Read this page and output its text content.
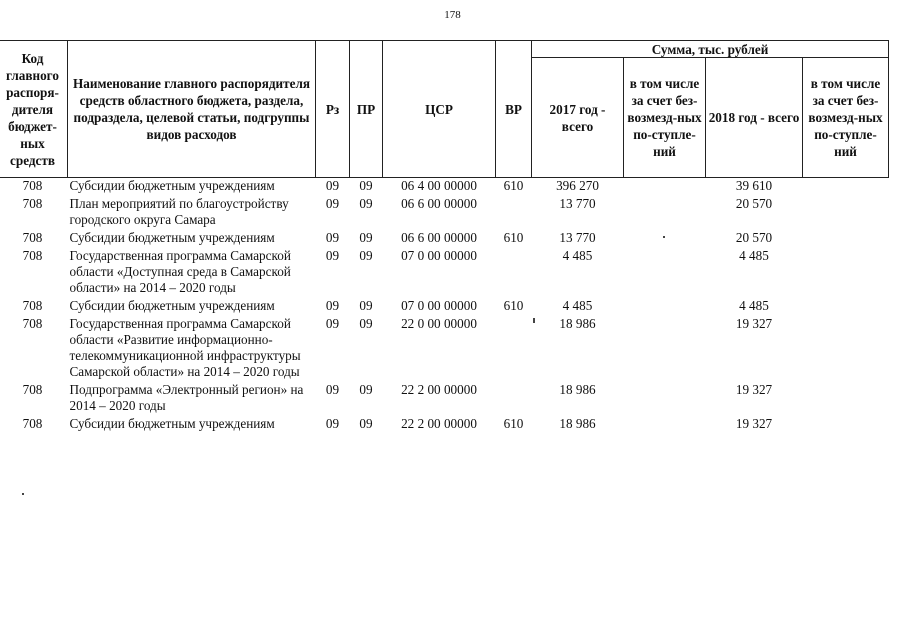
178
Код главного распоря-дителя бюджет-ных средств	Наименование главного распорядителя средств областного бюджета, раздела, подраздела, целевой статьи, подгруппы видов расходов	Рз	ПР	ЦСР	ВР	Сумма, тыс. рублей			
						2017 год - всего	в том числе за счет без-возмезд-ных по-ступле-ний	2018 год - всего	в том числе за счет без-возмезд-ных по-ступле-ний
708	Субсидии бюджетным учреждениям	09	09	06 4 00 00000	610	396 270		39 610	
708	План мероприятий по благоустройству городского округа Самара	09	09	06 6 00 00000		13 770		20 570	
708	Субсидии бюджетным учреждениям	09	09	06 6 00 00000	610	13 770		20 570	
708	Государственная программа Самарской области «Доступная среда в Самарской области» на 2014 – 2020 годы	09	09	07 0 00 00000		4 485		4 485	
708	Субсидии бюджетным учреждениям	09	09	07 0 00 00000	610	4 485		4 485	
708	Государственная программа Самарской области «Развитие информационно-телекоммуникационной инфраструктуры Самарской области» на 2014 – 2020 годы	09	09	22 0 00 00000		18 986		19 327	
708	Подпрограмма «Электронный регион» на 2014 – 2020 годы	09	09	22 2 00 00000		18 986		19 327	
708	Субсидии бюджетным учреждениям	09	09	22 2 00 00000	610	18 986		19 327	
